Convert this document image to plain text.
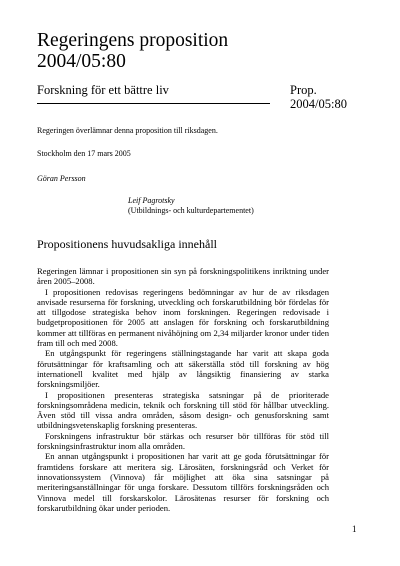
Regeringens proposition
2004/05:80
Forskning för ett bättre liv	Prop.
2004/05:80
Regeringen överlämnar denna proposition till riksdagen.
Stockholm den 17 mars 2005
Göran Persson
Leif Pagrotsky
(Utbildnings- och kulturdepartementet)
Propositionens huvudsakliga innehåll

Regeringen lämnar i propositionen sin syn på forskningspolitikens inriktning under åren 2005–2008.

I propositionen redovisas regeringens bedömningar av hur de av riksdagen anvisade resurserna för forskning, utveckling och forskarutbildning bör fördelas för att tillgodose strategiska behov inom forskningen. Regeringen redovisade i budgetpropositionen för 2005 att anslagen för forskning och forskarutbildning kommer att tillföras en permanent nivåhöjning om 2,34 miljarder kronor under tiden fram till och med 2008.

En utgångspunkt för regeringens ställningstagande har varit att skapa goda förutsättningar för kraftsamling och att säkerställa stöd till forskning av hög internationell kvalitet med hjälp av långsiktig finansiering av starka forskningsmiljöer.

I propositionen presenteras strategiska satsningar på de prioriterade forskningsområdena medicin, teknik och forskning till stöd för hållbar utveckling. Även stöd till vissa andra områden, såsom design- och genusforskning samt utbildningsvetenskaplig forskning presenteras.

Forskningens infrastruktur bör stärkas och resurser bör tillföras för stöd till forskningsinfrastruktur inom alla områden.

En annan utgångspunkt i propositionen har varit att ge goda förutsättningar för framtidens forskare att meritera sig. Lärosäten, forskningsråd och Verket för innovationssystem (Vinnova) får möjlighet att öka sina satsningar på meriteringsanställningar för unga forskare. Dessutom tillförs forskningsråden och Vinnova medel till forskarskolor. Lärosätenas resurser för forskning och forskarutbildning ökar under perioden.

1
